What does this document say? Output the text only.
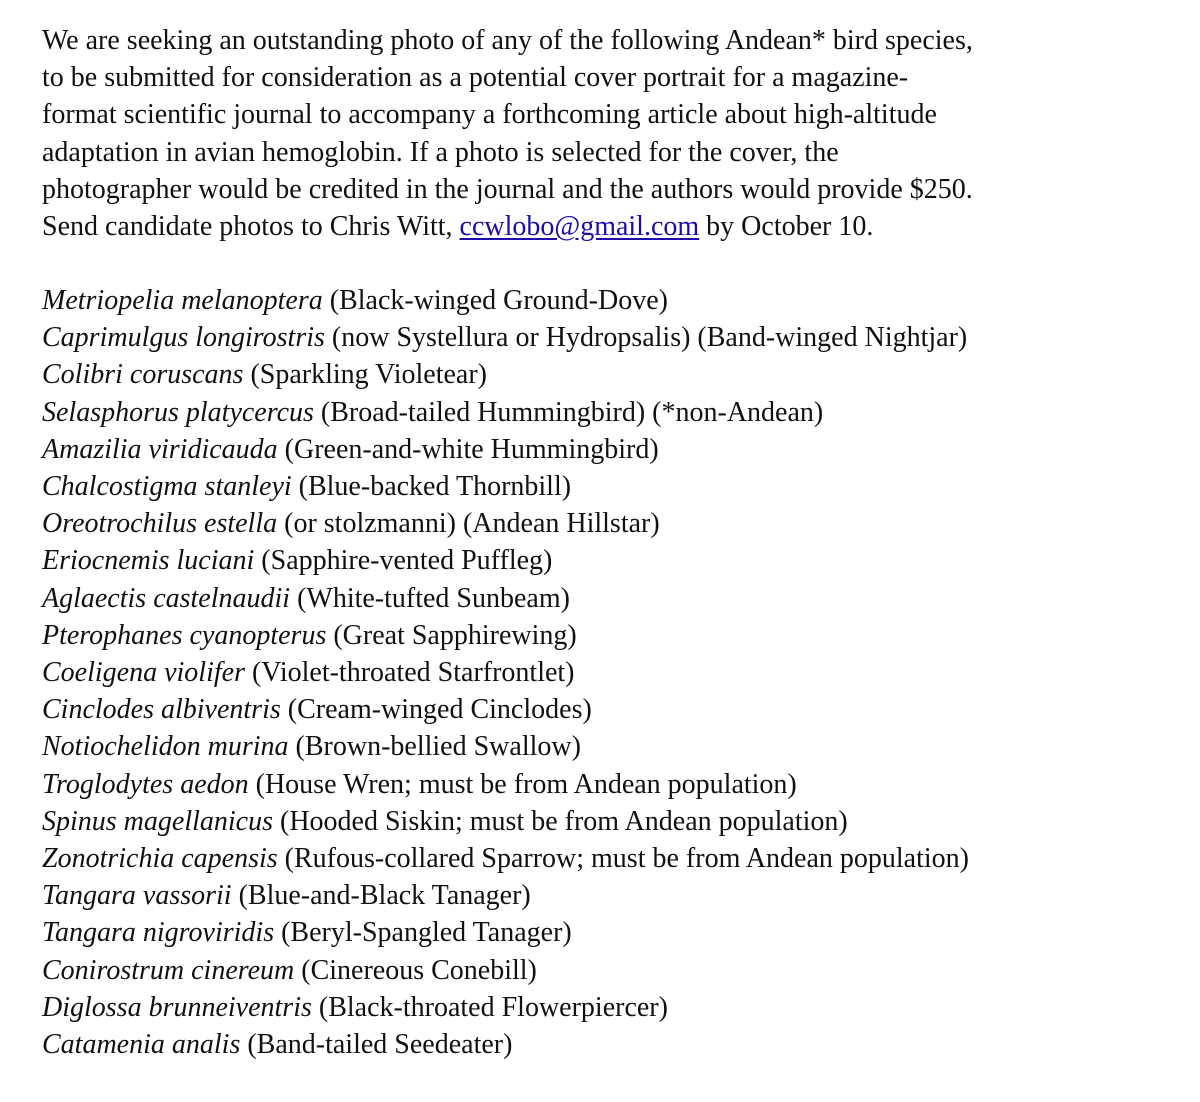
We are seeking an outstanding photo of any of the following Andean* bird species,
to be submitted for consideration as a potential cover portrait for a magazine-
format scientific journal to accompany a forthcoming article about high-altitude
adaptation in avian hemoglobin. If a photo is selected for the cover, the
photographer would be credited in the journal and the authors would provide $250.
Send candidate photos to Chris Witt, ccwlobo@gmail.com by October 10.

Metriopelia melanoptera (Black-winged Ground-Dove)
Caprimulgus longirostris (now Systellura or Hydropsalis) (Band-winged Nightjar)
Colibri coruscans (Sparkling Violetear)
Selasphorus platycercus (Broad-tailed Hummingbird) (*non-Andean)
Amazilia viridicauda (Green-and-white Hummingbird)
Chalcostigma stanleyi (Blue-backed Thornbill)
Oreotrochilus estella (or stolzmanni) (Andean Hillstar)
Eriocnemis luciani (Sapphire-vented Puffleg)
Aglaectis castelnaudii (White-tufted Sunbeam)
Pterophanes cyanopterus (Great Sapphirewing)
Coeligena violifer (Violet-throated Starfrontlet)
Cinclodes albiventris (Cream-winged Cinclodes)
Notiochelidon murina (Brown-bellied Swallow)
Troglodytes aedon (House Wren; must be from Andean population)
Spinus magellanicus (Hooded Siskin; must be from Andean population)
Zonotrichia capensis (Rufous-collared Sparrow; must be from Andean population)
Tangara vassorii (Blue-and-Black Tanager)
Tangara nigroviridis (Beryl-Spangled Tanager)
Conirostrum cinereum (Cinereous Conebill)
Diglossa brunneiventris (Black-throated Flowerpiercer)
Catamenia analis (Band-tailed Seedeater)
